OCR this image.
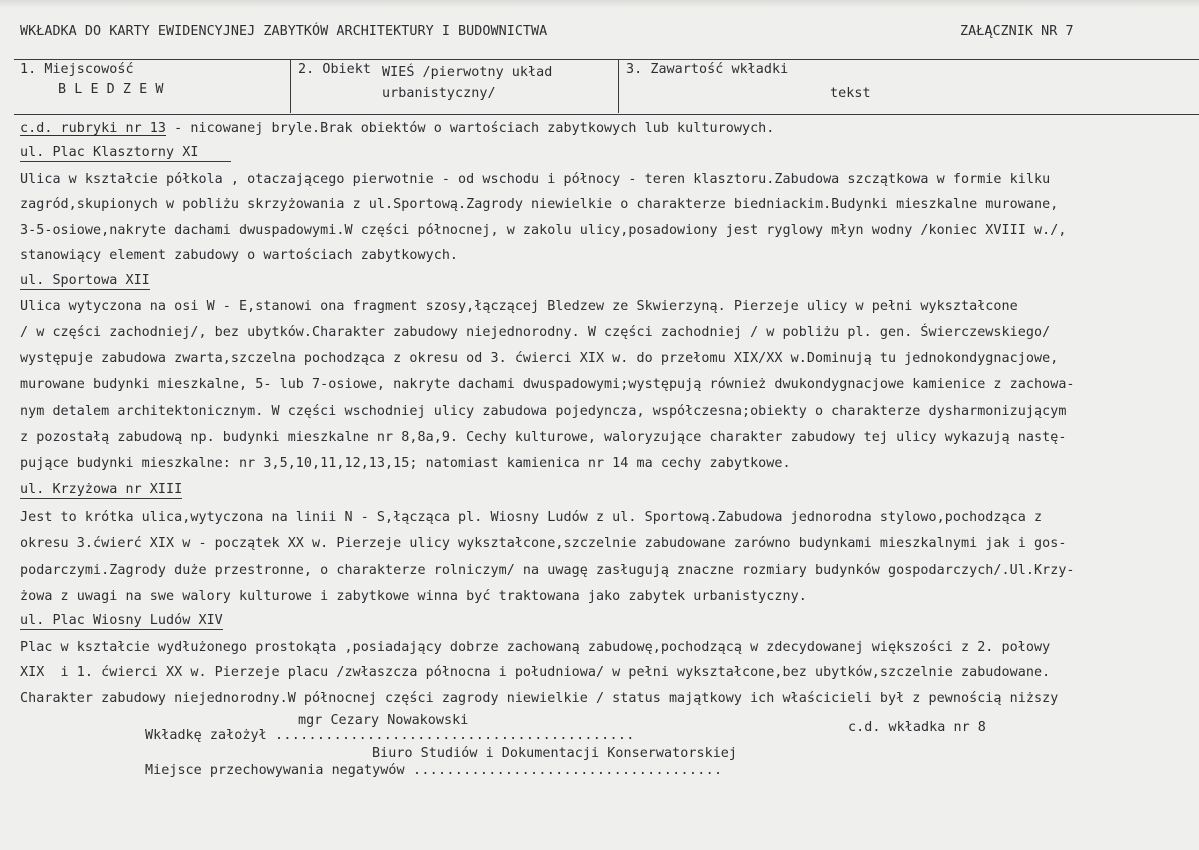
WKŁADKA DO KARTY EWIDENCYJNEJ ZABYTKÓW ARCHITEKTURY I BUDOWNICTWA	ZAŁĄCZNIK NR 7
1. Miejscowość
B L E D Z E W
2. Obiekt WIEŚ /pierwotny układ
urbanistyczny/
3. Zawartość wkładki
tekst
c.d. rubryki nr 13 - nicowanej bryle.Brak obiektów o wartościach zabytkowych lub kulturowych.
ul. Plac Klasztorny XI
Ulica w kształcie półkola , otaczającego pierwotnie - od wschodu i północy - teren klasztoru.Zabudowa szczątkowa w formie kilku
zagród,skupionych w pobliżu skrzyżowania z ul.Sportową.Zagrody niewielkie o charakterze biedniackim.Budynki mieszkalne murowane,
3-5-osiowe,nakryte dachami dwuspadowymi.W części północnej, w zakolu ulicy,posadowiony jest ryglowy młyn wodny /koniec XVIII w./,
stanowiący element zabudowy o wartościach zabytkowych.
ul. Sportowa XII
Ulica wytyczona na osi W - E,stanowi ona fragment szosy,łączącej Bledzew ze Skwierzyną. Pierzeje ulicy w pełni wykształcone
/ w części zachodniej/, bez ubytków.Charakter zabudowy niejednorodny. W części zachodniej / w pobliżu pl. gen. Świerczewskiego/
występuje zabudowa zwarta,szczelna pochodząca z okresu od 3. ćwierci XIX w. do przełomu XIX/XX w.Dominują tu jednokondygnacjowe,
murowane budynki mieszkalne, 5- lub 7-osiowe, nakryte dachami dwuspadowymi;występują również dwukondygnacjowe kamienice z zachowa-
nym detalem architektonicznym. W części wschodniej ulicy zabudowa pojedyncza, współczesna;obiekty o charakterze dysharmonizującym
z pozostałą zabudową np. budynki mieszkalne nr 8,8a,9. Cechy kulturowe, waloryzujące charakter zabudowy tej ulicy wykazują nastę-
pujące budynki mieszkalne: nr 3,5,10,11,12,13,15; natomiast kamienica nr 14 ma cechy zabytkowe.
ul. Krzyżowa nr XIII
Jest to krótka ulica,wytyczona na linii N - S,łącząca pl. Wiosny Ludów z ul. Sportową.Zabudowa jednorodna stylowo,pochodząca z
okresu 3.ćwierć XIX w - początek XX w. Pierzeje ulicy wykształcone,szczelnie zabudowane zarówno budynkami mieszkalnymi jak i gos-
podarczymi.Zagrody duże przestronne, o charakterze rolniczym/ na uwagę zasługują znaczne rozmiary budynków gospodarczych/.Ul.Krzy-
żowa z uwagi na swe walory kulturowe i zabytkowe winna być traktowana jako zabytek urbanistyczny.
ul. Plac Wiosny Ludów XIV
Plac w kształcie wydłużonego prostokąta ,posiadający dobrze zachowaną zabudowę,pochodzącą w zdecydowanej większości z 2. połowy
XIX  i 1. ćwierci XX w. Pierzeje placu /zwłaszcza północna i południowa/ w pełni wykształcone,bez ubytków,szczelnie zabudowane.
Charakter zabudowy niejednorodny.W północnej części zagrody niewielkie / status majątkowy ich właścicieli był z pewnością niższy
mgr Cezary Nowakowski
Wkładkę założył ...........................................
c.d. wkładka nr 8
Biuro Studiów i Dokumentacji Konserwatorskiej
Miejsce przechowywania negatywów .....................................
